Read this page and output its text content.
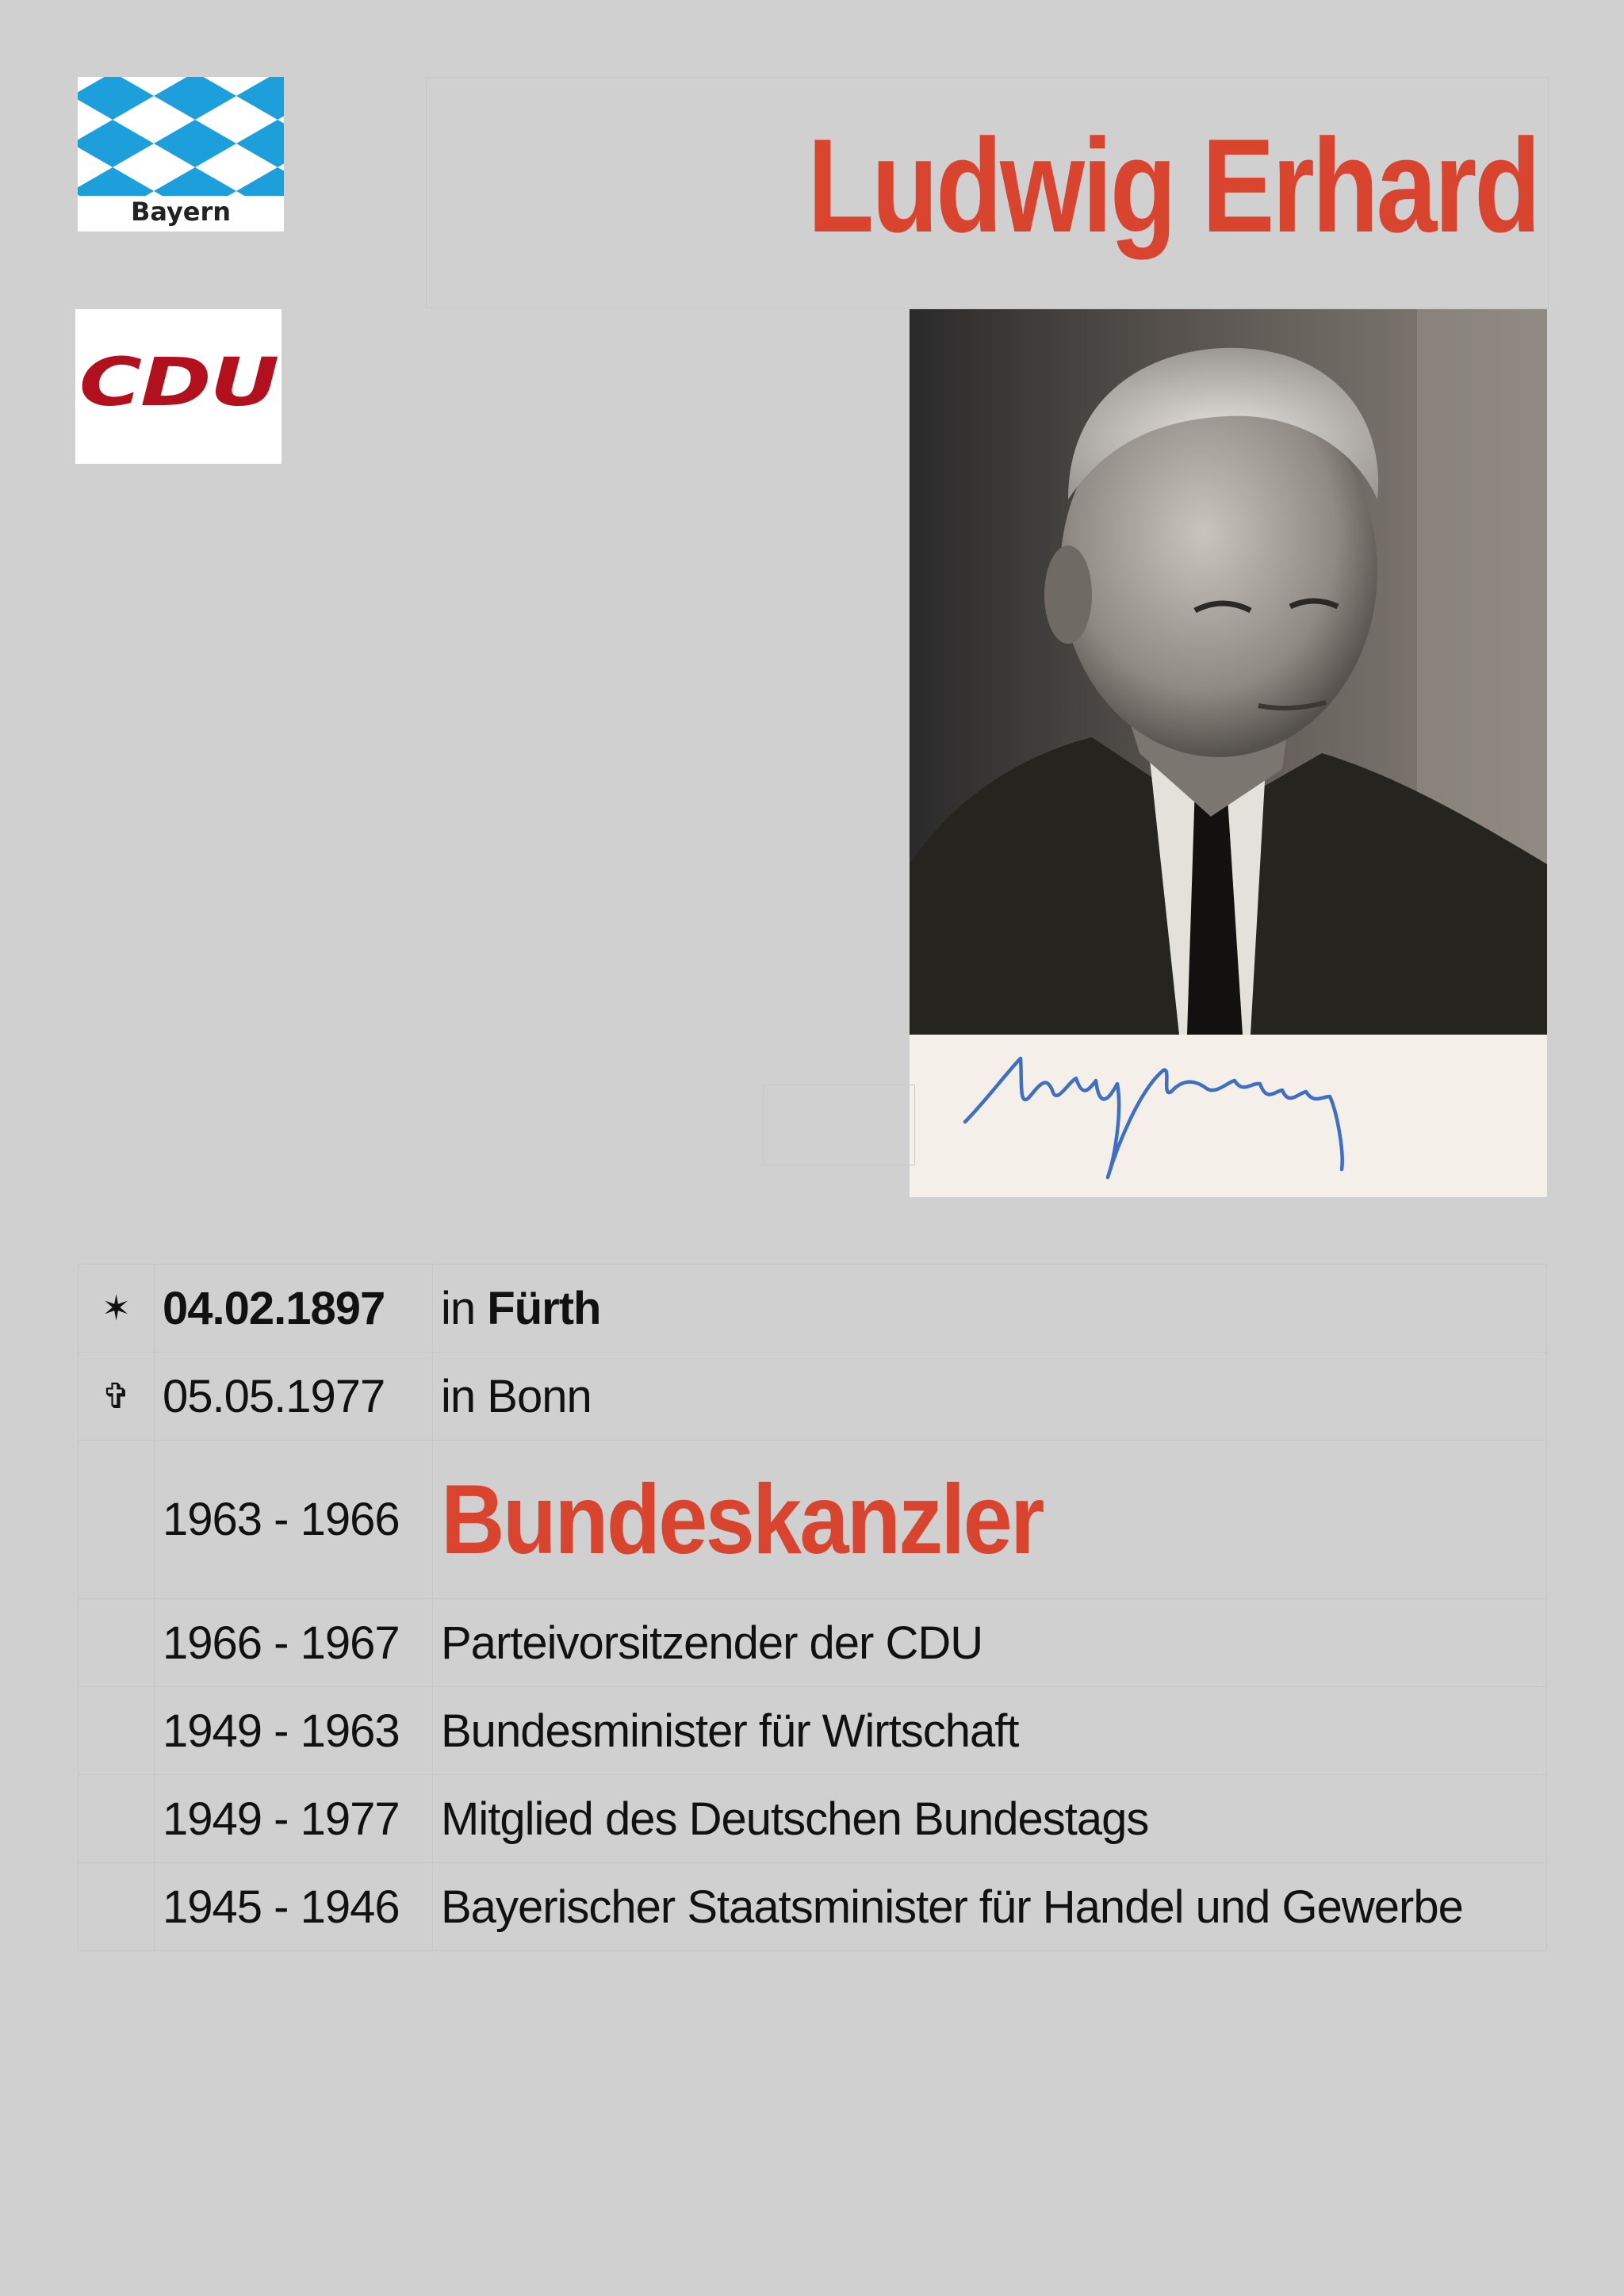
Bayern
CDU
Ludwig Erhard
✶	04.02.1897	in Fürth
✞	05.05.1977	in Bonn
	1963 - 1966	Bundeskanzler
	1966 - 1967	Parteivorsitzender der CDU
	1949 - 1963	Bundesminister für Wirtschaft
	1949 - 1977	Mitglied des Deutschen Bundestags
	1945 - 1946	Bayerischer Staatsminister für Handel und Gewerbe
